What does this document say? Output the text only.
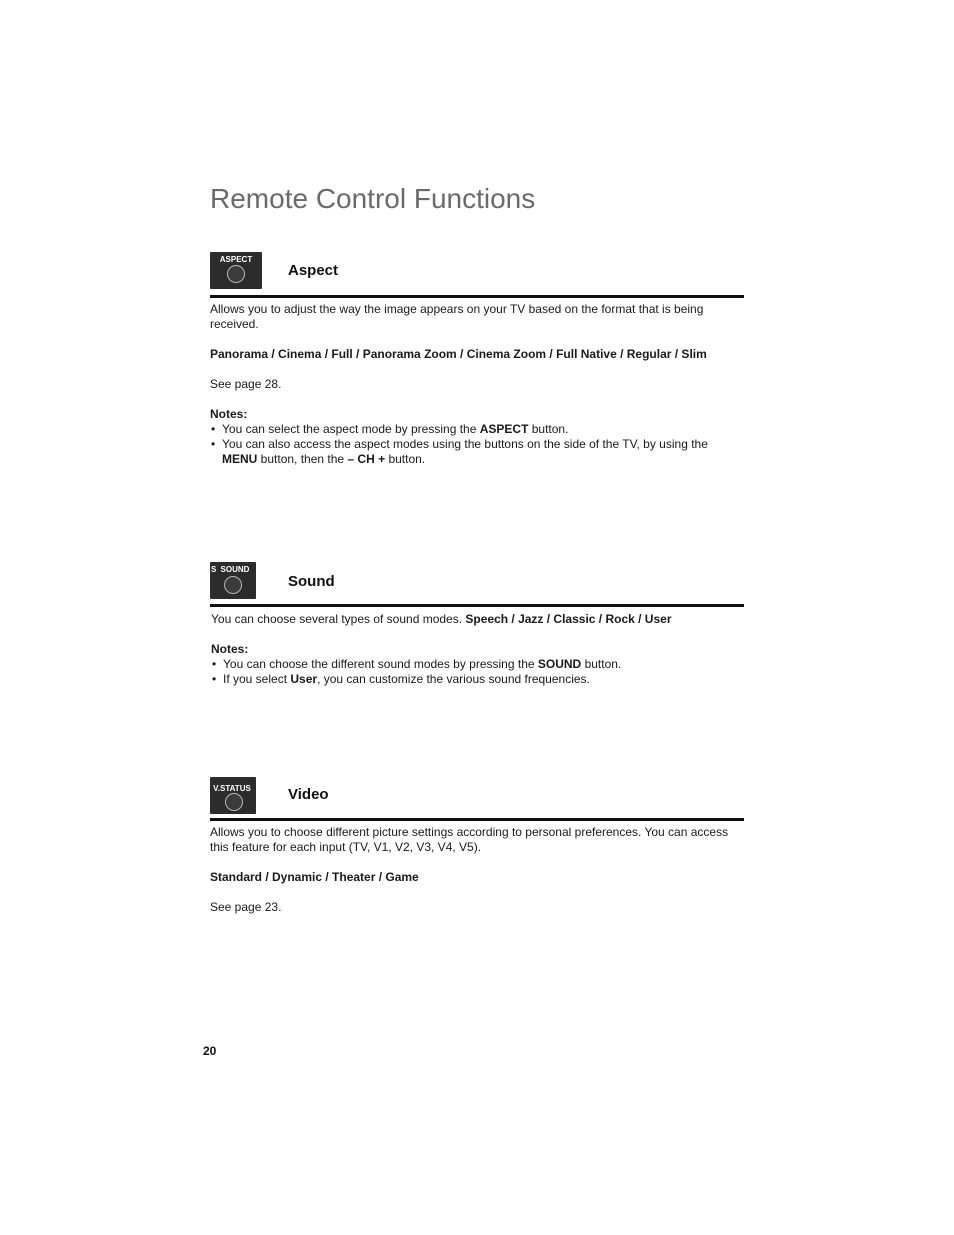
Remote Control Functions
ASPECT
Aspect

Allows you to adjust the way the image appears on your TV based on the format that is being received.

Panorama / Cinema / Full / Panorama Zoom / Cinema Zoom / Full Native / Regular / Slim

See page 28.

Notes:

• You can select the aspect mode by pressing the ASPECT button.
• You can also access the aspect modes using the buttons on the side of the TV, by using the MENU button, then the – CH + button.
S SOUND
Sound

You can choose several types of sound modes. Speech / Jazz / Classic / Rock / User

Notes:

• You can choose the different sound modes by pressing the SOUND button.
• If you select User, you can customize the various sound frequencies.
V.STATUS	Video

Allows you to choose different picture settings according to personal preferences. You can access this feature for each input (TV, V1, V2, V3, V4, V5).

Standard / Dynamic / Theater / Game

See page 23.

20
